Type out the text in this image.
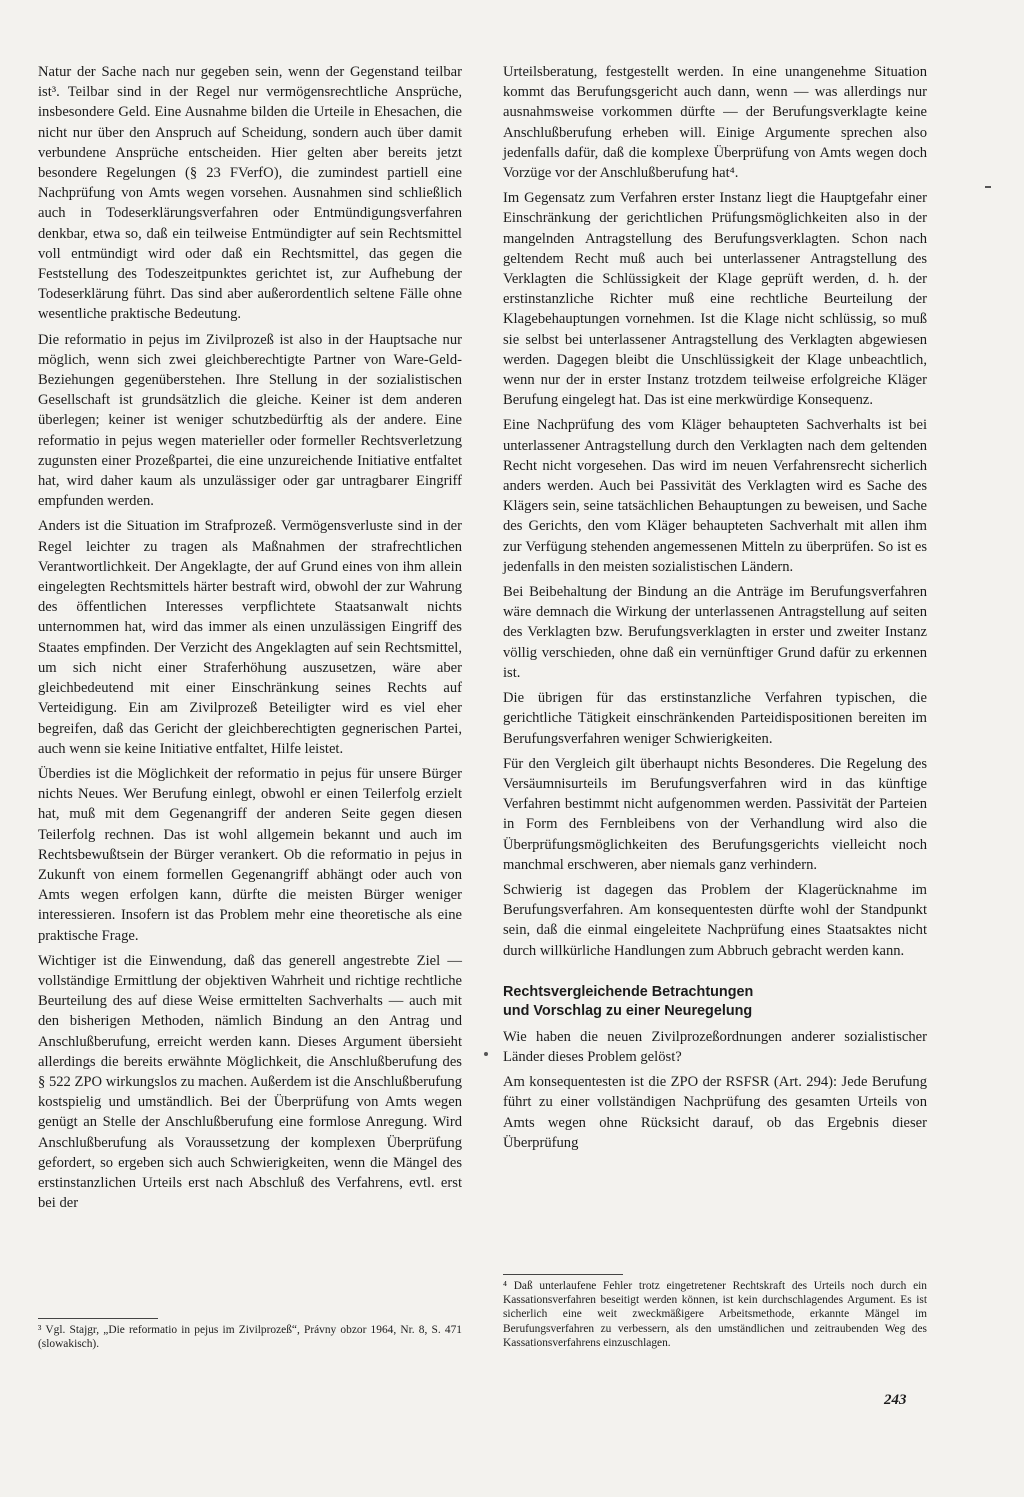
Natur der Sache nach nur gegeben sein, wenn der Gegenstand teilbar ist³. Teilbar sind in der Regel nur vermögensrechtliche Ansprüche, insbesondere Geld. Eine Ausnahme bilden die Urteile in Ehesachen, die nicht nur über den Anspruch auf Scheidung, sondern auch über damit verbundene Ansprüche entscheiden. Hier gelten aber bereits jetzt besondere Regelungen (§ 23 FVerfO), die zumindest partiell eine Nachprüfung von Amts wegen vorsehen. Ausnahmen sind schließlich auch in Todeserklärungsverfahren oder Entmündigungsverfahren denkbar, etwa so, daß ein teilweise Entmündigter auf sein Rechtsmittel voll entmündigt wird oder daß ein Rechtsmittel, das gegen die Feststellung des Todeszeitpunktes gerichtet ist, zur Aufhebung der Todeserklärung führt. Das sind aber außerordentlich seltene Fälle ohne wesentliche praktische Bedeutung.

Die reformatio in pejus im Zivilprozeß ist also in der Hauptsache nur möglich, wenn sich zwei gleichberechtigte Partner von Ware-Geld-Beziehungen gegenüberstehen. Ihre Stellung in der sozialistischen Gesellschaft ist grundsätzlich die gleiche. Keiner ist dem anderen überlegen; keiner ist weniger schutzbedürftig als der andere. Eine reformatio in pejus wegen materieller oder formeller Rechtsverletzung zugunsten einer Prozeßpartei, die eine unzureichende Initiative entfaltet hat, wird daher kaum als unzulässiger oder gar untragbarer Eingriff empfunden werden.

Anders ist die Situation im Strafprozeß. Vermögensverluste sind in der Regel leichter zu tragen als Maßnahmen der strafrechtlichen Verantwortlichkeit. Der Angeklagte, der auf Grund eines von ihm allein eingelegten Rechtsmittels härter bestraft wird, obwohl der zur Wahrung des öffentlichen Interesses verpflichtete Staatsanwalt nichts unternommen hat, wird das immer als einen unzulässigen Eingriff des Staates empfinden. Der Verzicht des Angeklagten auf sein Rechtsmittel, um sich nicht einer Straferhöhung auszusetzen, wäre aber gleichbedeutend mit einer Einschränkung seines Rechts auf Verteidigung. Ein am Zivilprozeß Beteiligter wird es viel eher begreifen, daß das Gericht der gleichberechtigten gegnerischen Partei, auch wenn sie keine Initiative entfaltet, Hilfe leistet.

Überdies ist die Möglichkeit der reformatio in pejus für unsere Bürger nichts Neues. Wer Berufung einlegt, obwohl er einen Teilerfolg erzielt hat, muß mit dem Gegenangriff der anderen Seite gegen diesen Teilerfolg rechnen. Das ist wohl allgemein bekannt und auch im Rechtsbewußtsein der Bürger verankert. Ob die reformatio in pejus in Zukunft von einem formellen Gegenangriff abhängt oder auch von Amts wegen erfolgen kann, dürfte die meisten Bürger weniger interessieren. Insofern ist das Problem mehr eine theoretische als eine praktische Frage.

Wichtiger ist die Einwendung, daß das generell angestrebte Ziel — vollständige Ermittlung der objektiven Wahrheit und richtige rechtliche Beurteilung des auf diese Weise ermittelten Sachverhalts — auch mit den bisherigen Methoden, nämlich Bindung an den Antrag und Anschlußberufung, erreicht werden kann. Dieses Argument übersieht allerdings die bereits erwähnte Möglichkeit, die Anschlußberufung des § 522 ZPO wirkungslos zu machen. Außerdem ist die Anschlußberufung kostspielig und umständlich. Bei der Überprüfung von Amts wegen genügt an Stelle der Anschlußberufung eine formlose Anregung. Wird Anschlußberufung als Voraussetzung der komplexen Überprüfung gefordert, so ergeben sich auch Schwierigkeiten, wenn die Mängel des erstinstanzlichen Urteils erst nach Abschluß des Verfahrens, evtl. erst bei der

³ Vgl. Stajgr, „Die reformatio in pejus im Zivilprozeß“, Právny obzor 1964, Nr. 8, S. 471 (slowakisch).

Urteilsberatung, festgestellt werden. In eine unangenehme Situation kommt das Berufungsgericht auch dann, wenn — was allerdings nur ausnahmsweise vorkommen dürfte — der Berufungsverklagte keine Anschlußberufung erheben will. Einige Argumente sprechen also jedenfalls dafür, daß die komplexe Überprüfung von Amts wegen doch Vorzüge vor der Anschlußberufung hat⁴.

Im Gegensatz zum Verfahren erster Instanz liegt die Hauptgefahr einer Einschränkung der gerichtlichen Prüfungsmöglichkeiten also in der mangelnden Antragstellung des Berufungsverklagten. Schon nach geltendem Recht muß auch bei unterlassener Antragstellung des Verklagten die Schlüssigkeit der Klage geprüft werden, d. h. der erstinstanzliche Richter muß eine rechtliche Beurteilung der Klagebehauptungen vornehmen. Ist die Klage nicht schlüssig, so muß sie selbst bei unterlassener Antragstellung des Verklagten abgewiesen werden. Dagegen bleibt die Unschlüssigkeit der Klage unbeachtlich, wenn nur der in erster Instanz trotzdem teilweise erfolgreiche Kläger Berufung eingelegt hat. Das ist eine merkwürdige Konsequenz.

Eine Nachprüfung des vom Kläger behaupteten Sachverhalts ist bei unterlassener Antragstellung durch den Verklagten nach dem geltenden Recht nicht vorgesehen. Das wird im neuen Verfahrensrecht sicherlich anders werden. Auch bei Passivität des Verklagten wird es Sache des Klägers sein, seine tatsächlichen Behauptungen zu beweisen, und Sache des Gerichts, den vom Kläger behaupteten Sachverhalt mit allen ihm zur Verfügung stehenden angemessenen Mitteln zu überprüfen. So ist es jedenfalls in den meisten sozialistischen Ländern.

Bei Beibehaltung der Bindung an die Anträge im Berufungsverfahren wäre demnach die Wirkung der unterlassenen Antragstellung auf seiten des Verklagten bzw. Berufungsverklagten in erster und zweiter Instanz völlig verschieden, ohne daß ein vernünftiger Grund dafür zu erkennen ist.

Die übrigen für das erstinstanzliche Verfahren typischen, die gerichtliche Tätigkeit einschränkenden Parteidispositionen bereiten im Berufungsverfahren weniger Schwierigkeiten.

Für den Vergleich gilt überhaupt nichts Besonderes. Die Regelung des Versäumnisurteils im Berufungsverfahren wird in das künftige Verfahren bestimmt nicht aufgenommen werden. Passivität der Parteien in Form des Fernbleibens von der Verhandlung wird also die Überprüfungsmöglichkeiten des Berufungsgerichts vielleicht noch manchmal erschweren, aber niemals ganz verhindern.

Schwierig ist dagegen das Problem der Klagerücknahme im Berufungsverfahren. Am konsequentesten dürfte wohl der Standpunkt sein, daß die einmal eingeleitete Nachprüfung eines Staatsaktes nicht durch willkürliche Handlungen zum Abbruch gebracht werden kann.

Rechtsvergleichende Betrachtungen
und Vorschlag zu einer Neuregelung

Wie haben die neuen Zivilprozeßordnungen anderer sozialistischer Länder dieses Problem gelöst?

Am konsequentesten ist die ZPO der RSFSR (Art. 294): Jede Berufung führt zu einer vollständigen Nachprüfung des gesamten Urteils von Amts wegen ohne Rücksicht darauf, ob das Ergebnis dieser Überprüfung

⁴ Daß unterlaufene Fehler trotz eingetretener Rechtskraft des Urteils noch durch ein Kassationsverfahren beseitigt werden können, ist kein durchschlagendes Argument. Es ist sicherlich eine weit zweckmäßigere Arbeitsmethode, erkannte Mängel im Berufungsverfahren zu verbessern, als den umständlichen und zeitraubenden Weg des Kassationsverfahrens einzuschlagen.

243
